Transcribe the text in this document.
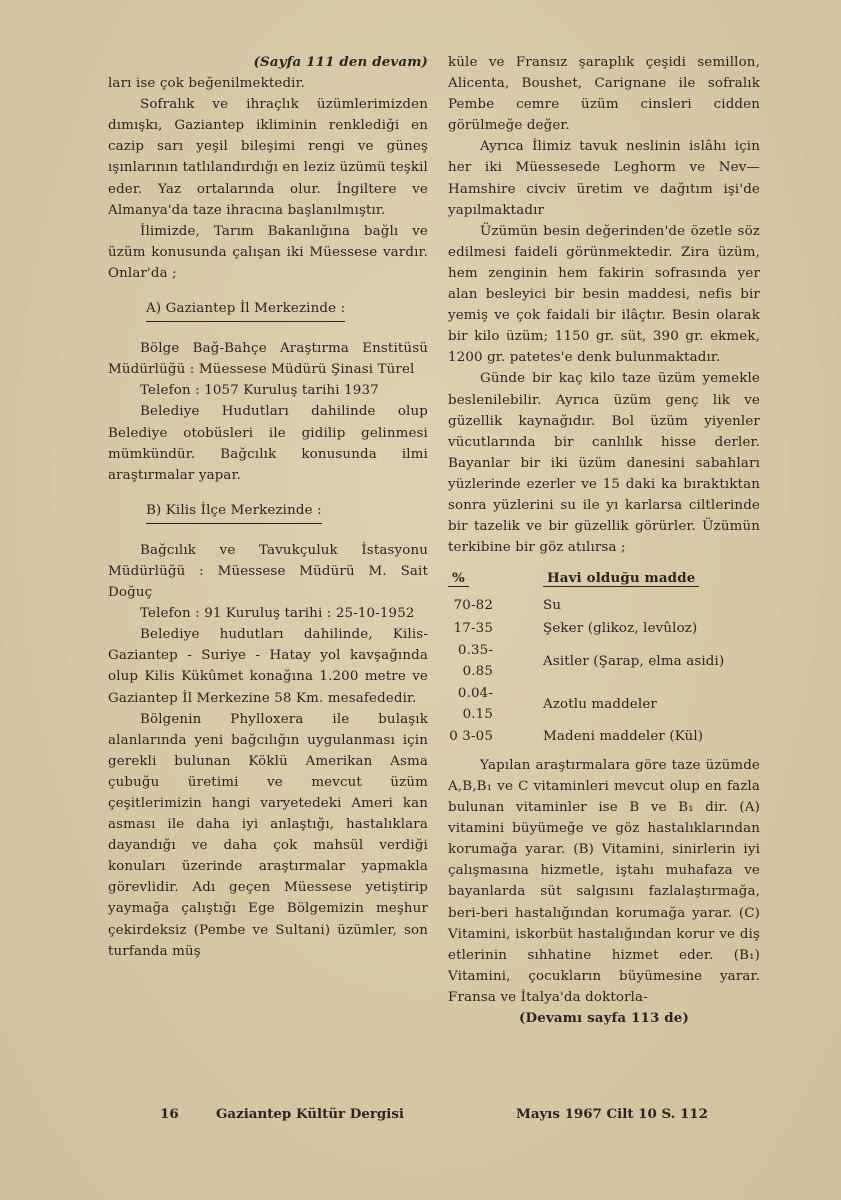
(Sayfa 111 den devam)

ları ise çok beğenilmektedir.

Sofralık ve ihraçlık üzümlerimizden dımışkı, Gaziantep ikliminin renklediği en cazip sarı yeşil bileşimi rengi ve güneş ışınlarının tatlılandırdığı en leziz üzümü teşkil eder. Yaz ortalarında olur. İngiltere ve Almanya'da taze ihracına başlanılmıştır.

İlimizde, Tarım Bakanlığına bağlı ve üzüm konusunda çalışan iki Müessese vardır. Onlar'da ;

A) Gaziantep İl Merkezinde :

Bölge Bağ-Bahçe Araştırma Enstitüsü Müdürlüğü : Müessese Müdürü Şinasi Türel

Telefon : 1057 Kuruluş tarihi 1937

Belediye Hudutları dahilinde olup Belediye otobüsleri ile gidilip gelinmesi mümkündür. Bağcılık konusunda ilmi araştırmalar yapar.

B) Kilis İlçe Merkezinde :

Bağcılık ve Tavukçuluk İstasyonu Müdürlüğü : Müessese Müdürü M. Sait Doğuç

Telefon : 91 Kuruluş tarihi : 25-10-1952

Belediye hudutları dahilinde, Kilis-Gaziantep - Suriye - Hatay yol kavşağında olup Kilis Kükûmet konağına 1.200 metre ve Gaziantep İl Merkezine 58 Km. mesafededir.

Bölgenin Phylloxera ile bulaşık alanlarında yeni bağcılığın uygulanması için gerekli bulunan Köklü Amerikan Asma çubuğu üretimi ve mevcut üzüm çeşitlerimizin hangi varyetedeki Ameri kan asması ile daha iyi anlaştığı, hastalıklara dayandığı ve daha çok mahsül verdiği konuları üzerinde araştırmalar yapmakla görevlidir. Adı geçen Müessese yetiştirip yaymağa çalıştığı Ege Bölgemizin meşhur çekirdeksiz (Pembe ve Sultani) üzümler, son turfanda müş

küle ve Fransız şaraplık çeşidi semillon, Alicenta, Boushet, Carignane ile sofralık Pembe cemre üzüm cinsleri cidden görülmeğe değer.

Ayrıca İlimiz tavuk neslinin islâhı için her iki Müessesede Leghorm ve Nev—Hamshire civciv üretim ve dağıtım işi'de yapılmaktadır

Üzümün besin değerinden'de özetle söz edilmesi faideli görünmektedir. Zira üzüm, hem zenginin hem fakirin sofrasında yer alan besleyici bir besin maddesi, nefis bir yemiş ve çok faidali bir ilâçtır. Besin olarak bir kilo üzüm; 1150 gr. süt, 390 gr. ekmek, 1200 gr. patetes'e denk bulunmaktadır.

Günde bir kaç kilo taze üzüm yemekle beslenilebilir. Ayrıca üzüm genç lik ve güzellik kaynağıdır. Bol üzüm yiyenler vücutlarında bir canlılık hisse derler. Bayanlar bir iki üzüm danesini sabahları yüzlerinde ezerler ve 15 daki ka bıraktıktan sonra yüzlerini su ile yı karlarsa ciltlerinde bir tazelik ve bir güzellik görürler. Üzümün terkibine bir göz atılırsa ;

%	Havi olduğu madde
70-82	Su
17-35	Şeker (glikoz, levûloz)
0.35-0.85	Asitler (Şarap, elma asidi)
0.04-0.15	Azotlu maddeler
0 3-05	Madeni maddeler (Kül)

Yapılan araştırmalara göre taze üzümde A,B,B₁ ve C vitaminleri mevcut olup en fazla bulunan vitaminler ise B ve B₁ dir. (A) vitamini büyümeğe ve göz hastalıklarından korumağa yarar. (B) Vitamini, sinirlerin iyi çalışmasına hizmetle, iştahı muhafaza ve bayanlarda süt salgısını fazlalaştırmağa, beri-beri hastalığından korumağa yarar. (C) Vitamini, iskorbüt hastalığından korur ve diş etlerinin sıhhatine hizmet eder. (B₁) Vitamini, çocukların büyümesine yarar. Fransa ve İtalya'da doktorla-

(Devamı sayfa 113 de)

16	Gaziantep Kültür Dergisi	Mayıs 1967 Cilt 10 S. 112
